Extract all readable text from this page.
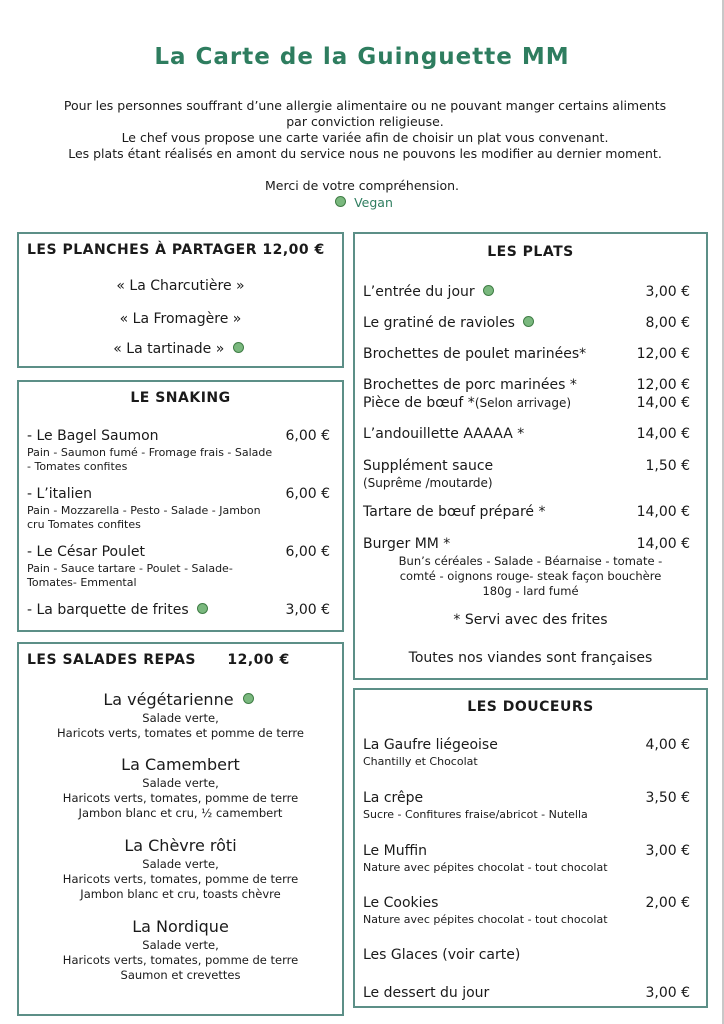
La Carte de la Guinguette MM
Pour les personnes souffrant d’une allergie alimentaire ou ne pouvant manger certains aliments
par conviction religieuse.
Le chef vous propose une carte variée afin de choisir un plat vous convenant.
Les plats étant réalisés en amont du service nous ne pouvons les modifier au dernier moment.
Merci de votre compréhension.
Vegan
LES PLANCHES À PARTAGER 12,00 €
« La Charcutière »
« La Fromagère »
« La tartinade »
LE SNAKING
- Le Bagel Saumon	6,00 €
Pain - Saumon fumé - Fromage frais - Salade
- Tomates confites
- L’italien	6,00 €
Pain - Mozzarella - Pesto - Salade - Jambon
cru Tomates confites
- Le César Poulet	6,00 €
Pain - Sauce tartare - Poulet - Salade-
Tomates- Emmental
- La barquette de frites	3,00 €
LES SALADES REPAS 12,00 €
La végétarienne
Salade verte,
Haricots verts, tomates et pomme de terre
La Camembert
Salade verte,
Haricots verts, tomates, pomme de terre
Jambon blanc et cru, ½ camembert
La Chèvre rôti
Salade verte,
Haricots verts, tomates, pomme de terre
Jambon blanc et cru, toasts chèvre
La Nordique
Salade verte,
Haricots verts, tomates, pomme de terre
Saumon et crevettes
LES PLATS
L’entrée du jour	3,00 €
Le gratiné de ravioles	8,00 €
Brochettes de poulet marinées*	12,00 €
Brochettes de porc marinées *	12,00 €
Pièce de bœuf *(Selon arrivage)	14,00 €
L’andouillette AAAAA *	14,00 €
Supplément sauce	1,50 €
(Suprême /moutarde)
Tartare de bœuf préparé *	14,00 €
Burger MM *	14,00 €
Bun’s céréales - Salade - Béarnaise - tomate -
comté - oignons rouge- steak façon bouchère
180g - lard fumé
* Servi avec des frites
Toutes nos viandes sont françaises
LES DOUCEURS
La Gaufre liégeoise	4,00 €
Chantilly et Chocolat
La crêpe	3,50 €
Sucre - Confitures fraise/abricot - Nutella
Le Muffin	3,00 €
Nature avec pépites chocolat - tout chocolat
Le Cookies	2,00 €
Nature avec pépites chocolat - tout chocolat
Les Glaces (voir carte)
Le dessert du jour	3,00 €
